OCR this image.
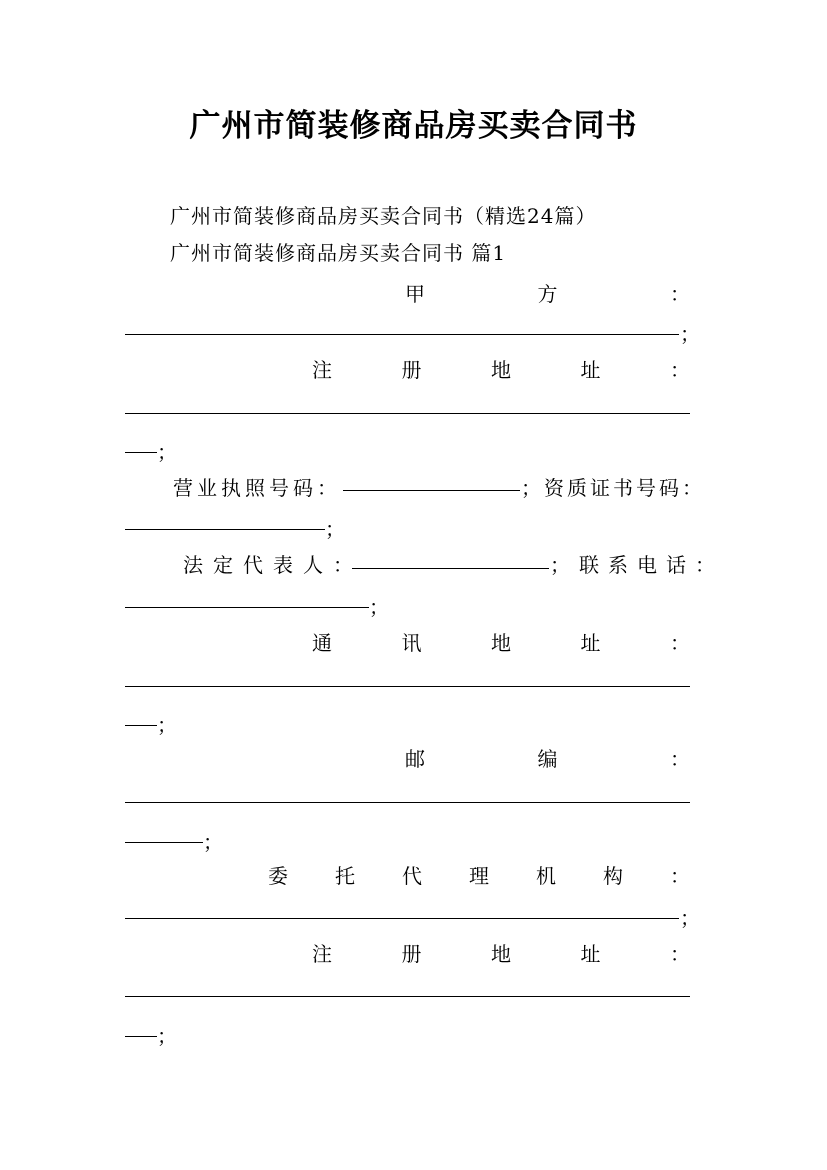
广州市简装修商品房买卖合同书
广州市简装修商品房买卖合同书（精选24篇）
广州市简装修商品房买卖合同书 篇1
甲	方	：
；
注	册	地	址	：
；
营业执照号码：	；资质证书号码：
；
法定代表人：	；联系电话：
；
通	讯	地	址	：
；
邮	编	：
；
委 托 代 理 机 构 ：
；
注	册	地	址	：
；
